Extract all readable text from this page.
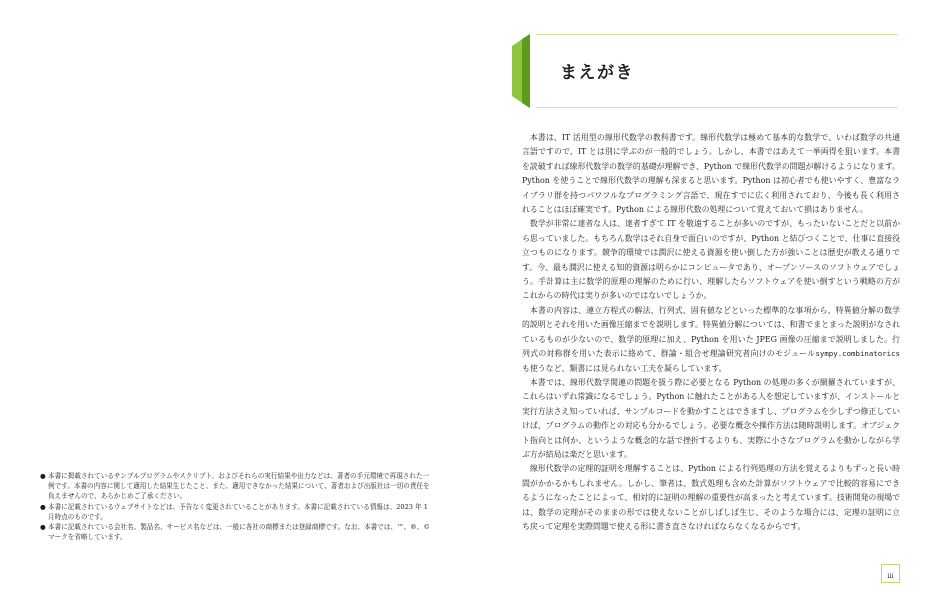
● 本書に掲載されているサンプルプログラムやスクリプト、およびそれらの実行結果や出力などは、著者の手元環境で再現された一例です。本書の内容に関して適用した結果生じたこと、また、適用できなかった結果について、著者および出版社は一切の責任を負えませんので、あらかじめご了承ください。
● 本書に記載されているウェブサイトなどは、予告なく変更されていることがあります。本書に記載されている情報は、2023 年 1 月時点のものです。
● 本書に記載されている会社名、製品名、サービス名などは、一般に各社の商標または登録商標です。なお、本書では、™、®、©マークを省略しています。
まえがき

本書は、IT 活用型の線形代数学の教科書です。線形代数学は極めて基本的な数学で、いわば数学の共通言語ですので、IT とは別に学ぶのが一般的でしょう。しかし、本書ではあえて一挙両得を狙います。本書を読破すれば線形代数学の数学的基礎が理解でき、Python で線形代数学の問題が解けるようになります。Python を使うことで線形代数学の理解も深まると思います。Python は初心者でも使いやすく、豊富なライブラリ群を持つパワフルなプログラミング言語で、現在すでに広く利用されており、今後も長く利用されることはほぼ確実です。Python による線形代数の処理について覚えておいて損はありません。

数学が非常に達者な人は、達者すぎて IT を敬遠することが多いのですが、もったいないことだと以前から思っていました。もちろん数学はそれ自身で面白いのですが、Python と結びつくことで、仕事に直接役立つものになります。競争的環境では潤沢に使える資源を使い倒した方が強いことは歴史が教える通りです。今、最も潤沢に使える知的資源は明らかにコンピュータであり、オープンソースのソフトウェアでしょう。手計算は主に数学的原理の理解のために行い、理解したらソフトウェアを使い倒すという戦略の方がこれからの時代は実りが多いのではないでしょうか。

本書の内容は、連立方程式の解法、行列式、固有値などといった標準的な事項から、特異値分解の数学的説明とそれを用いた画像圧縮までを説明します。特異値分解については、和書でまとまった説明がなされているものが少ないので、数学的原理に加え、Python を用いた JPEG 画像の圧縮まで説明しました。行列式の対称群を用いた表示に絡めて、群論・組合せ理論研究者向けのモジュールsympy.combinatorics も使うなど、類書には見られない工夫を凝らしています。

本書では、線形代数学関連の問題を扱う際に必要となる Python の処理の多くが網羅されていますが、これらはいずれ常識になるでしょう。Python に触れたことがある人を想定していますが、インストールと実行方法さえ知っていれば、サンプルコードを動かすことはできますし、プログラムを少しずつ修正していけば、プログラムの動作との対応も分かるでしょう。必要な概念や操作方法は随時説明します。オブジェクト指向とは何か、というような概念的な話で挫折するよりも、実際に小さなプログラムを動かしながら学ぶ方が結局は楽だと思います。

線形代数学の定理的証明を理解することは、Python による行列処理の方法を覚えるよりもずっと長い時間がかかるかもしれません。しかし、筆者は、数式処理も含めた計算がソフトウェアで比較的容易にできるようになったことによって、相対的に証明の理解の重要性が高まったと考えています。技術開発の現場では、数学の定理がそのままの形では使えないことがしばしば生じ、そのような場合には、定理の証明に立ち戻って定理を実際問題で使える形に書き直さなければならなくなるからです。

iii
